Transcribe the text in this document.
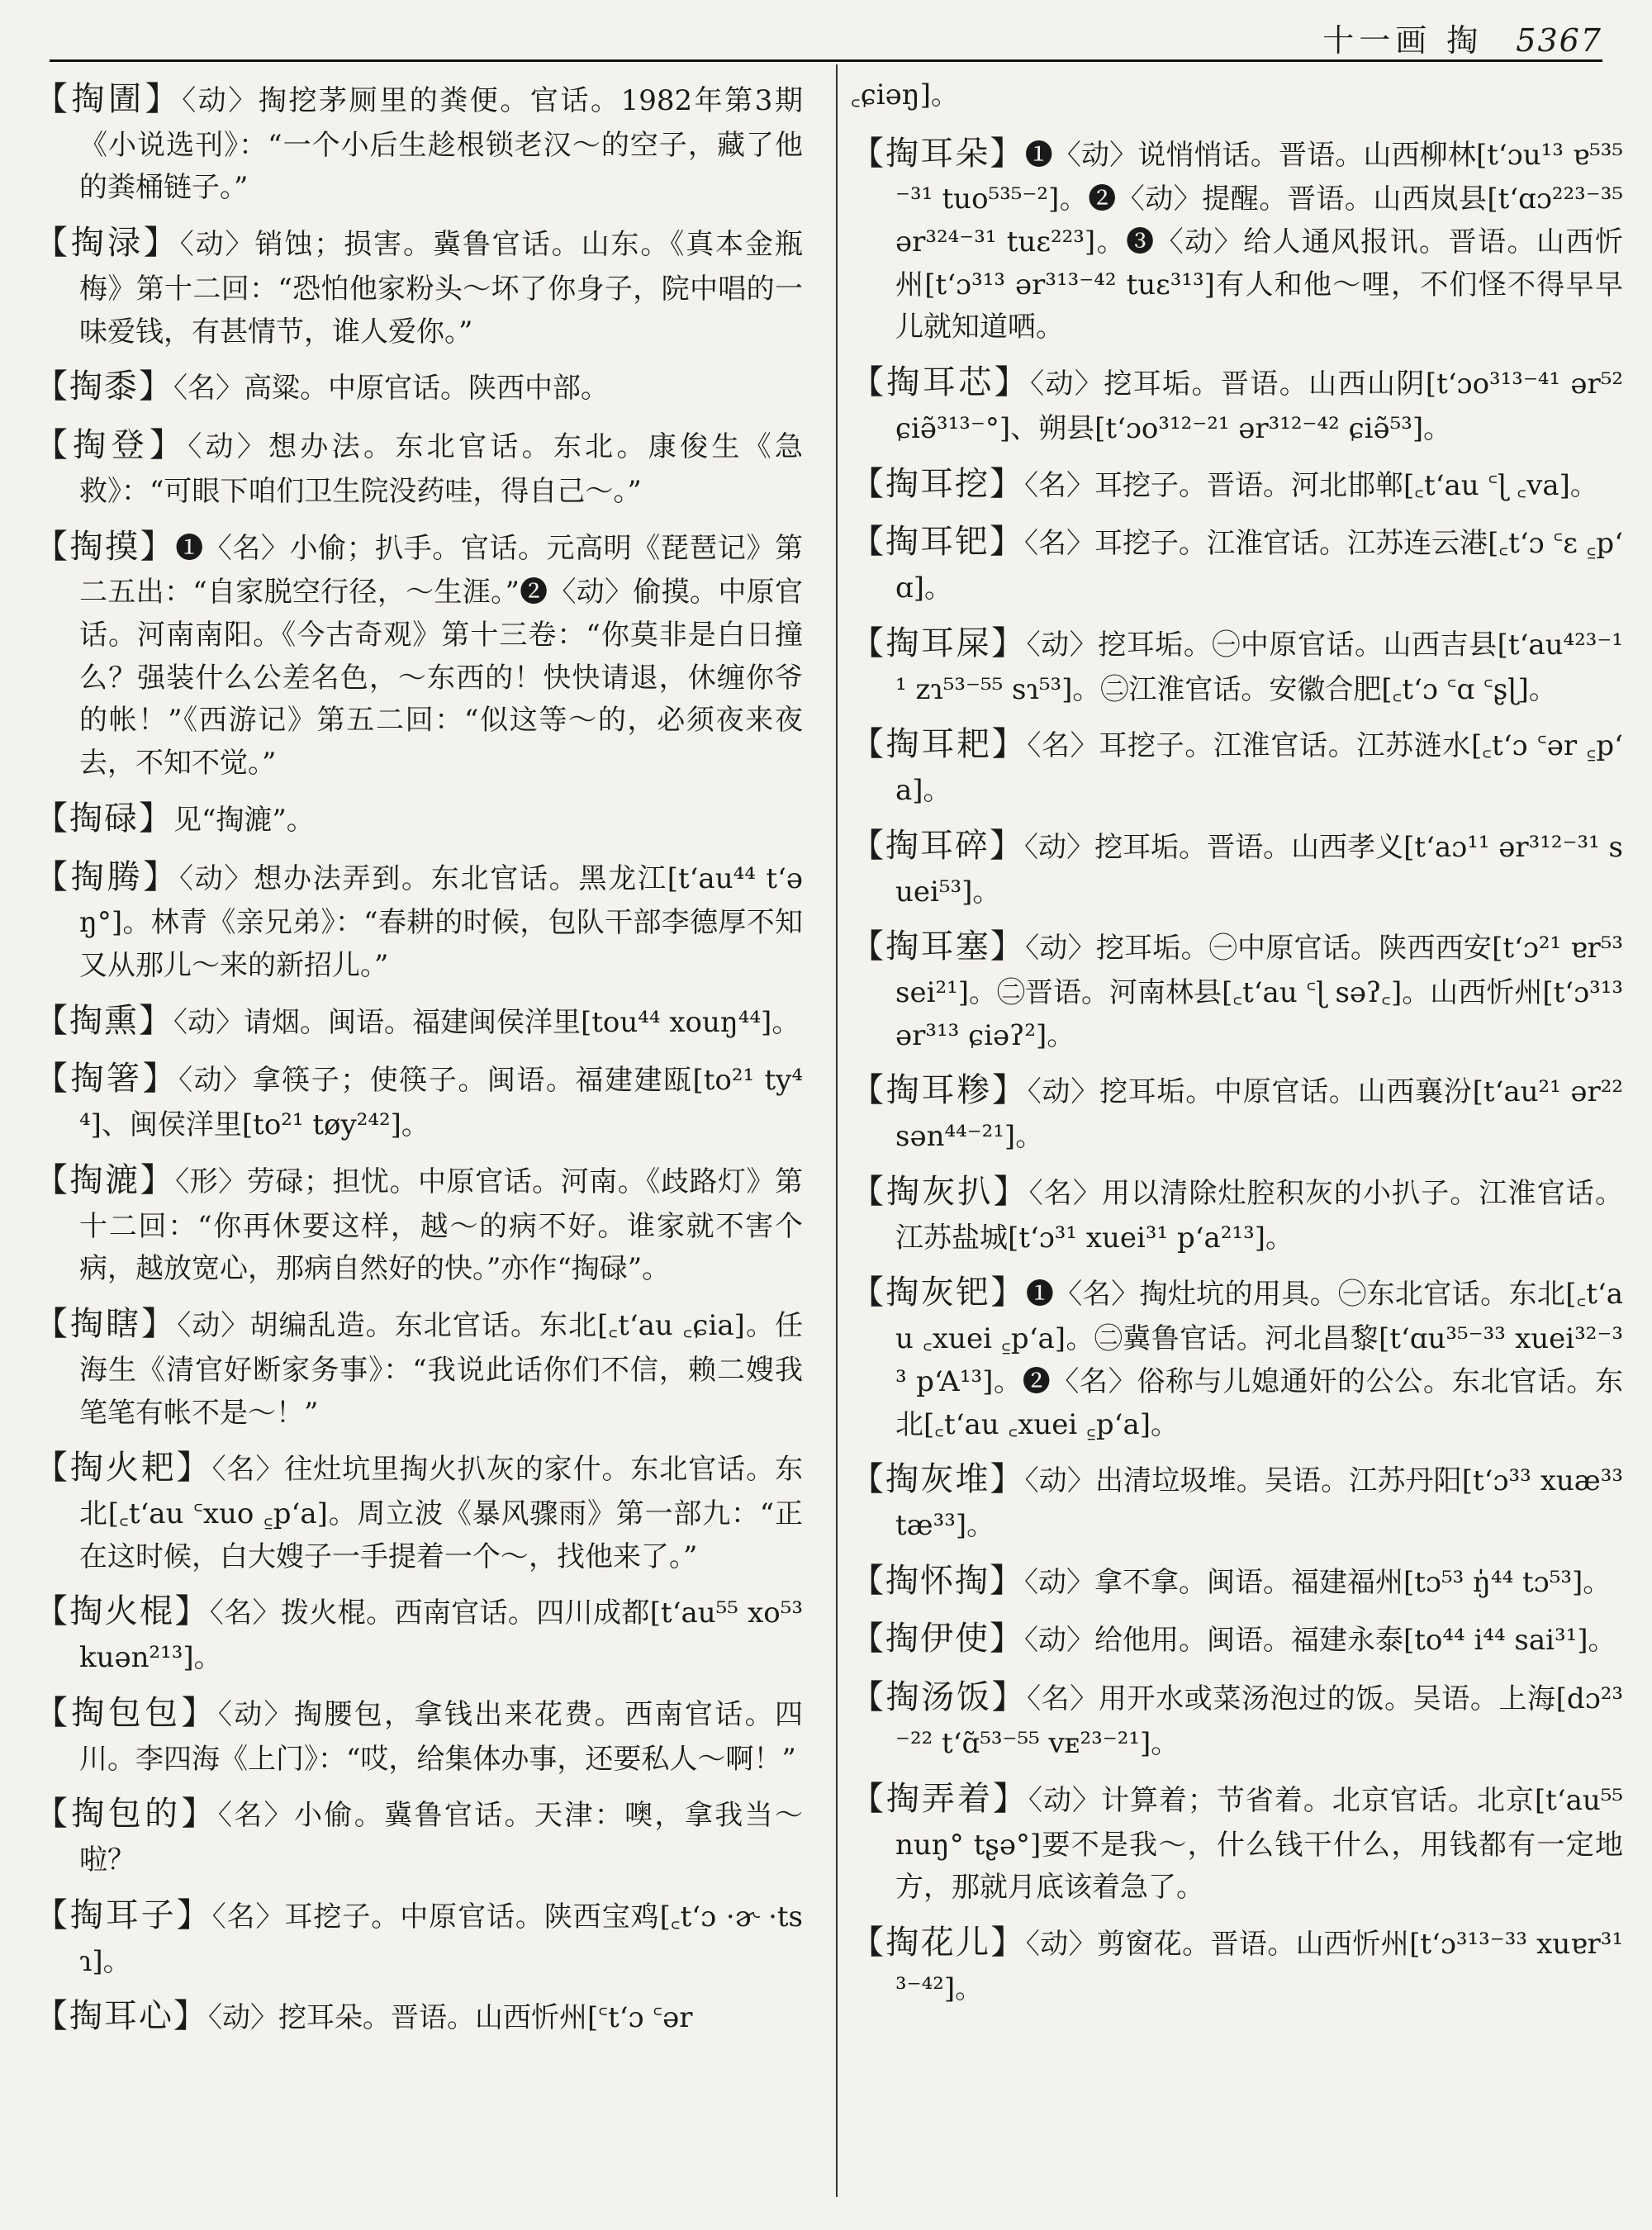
十一画 掏 5367

【掏圊】〈动〉掏挖茅厕里的粪便。官话。1982年第3期《小说选刊》：“一个小后生趁根锁老汉～的空子，藏了他的粪桶链子。”

【掏渌】〈动〉销蚀；损害。冀鲁官话。山东。《真本金瓶梅》第十二回：“恐怕他家粉头～坏了你身子，院中唱的一味爱钱，有甚情节，谁人爱你。”

【掏黍】〈名〉高粱。中原官话。陕西中部。

【掏登】〈动〉想办法。东北官话。东北。康俊生《急救》：“可眼下咱们卫生院没药哇，得自己～。”

【掏摸】❶〈名〉小偷；扒手。官话。元高明《琵琶记》第二五出：“自家脱空行径，～生涯。”❷〈动〉偷摸。中原官话。河南南阳。《今古奇观》第十三卷：“你莫非是白日撞么？强装什么公差名色，～东西的！快快请退，休缠你爷的帐！”《西游记》第五二回：“似这等～的，必须夜来夜去，不知不觉。”

【掏碌】见“掏漉”。

【掏腾】〈动〉想办法弄到。东北官话。黑龙江[tʻau⁴⁴ tʻəŋ°]。林青《亲兄弟》：“春耕的时候，包队干部李德厚不知又从那儿～来的新招儿。”

【掏熏】〈动〉请烟。闽语。福建闽侯洋里[tou⁴⁴ xouŋ⁴⁴]。

【掏箸】〈动〉拿筷子；使筷子。闽语。福建建瓯[to²¹ ty⁴⁴]、闽侯洋里[to²¹ tøy²⁴²]。

【掏漉】〈形〉劳碌；担忧。中原官话。河南。《歧路灯》第十二回：“你再休要这样，越～的病不好。谁家就不害个病，越放宽心，那病自然好的快。”亦作“掏碌”。

【掏瞎】〈动〉胡编乱造。东北官话。东北[꜀tʻau ꜀ɕia]。任海生《清官好断家务事》：“我说此话你们不信，赖二嫂我笔笔有帐不是～！”

【掏火耙】〈名〉往灶坑里掏火扒灰的家什。东北官话。东北[꜀tʻau ꜂xuo ꜁pʻa]。周立波《暴风骤雨》第一部九：“正在这时候，白大嫂子一手提着一个～，找他来了。”

【掏火棍】〈名〉拨火棍。西南官话。四川成都[tʻau⁵⁵ xo⁵³ kuən²¹³]。

【掏包包】〈动〉掏腰包，拿钱出来花费。西南官话。四川。李四海《上门》：“哎，给集体办事，还要私人～啊！”

【掏包的】〈名〉小偷。冀鲁官话。天津：噢，拿我当～啦？

【掏耳子】〈名〉耳挖子。中原官话。陕西宝鸡[꜀tʻɔ ·ɚ ·tsɿ]。

【掏耳心】〈动〉挖耳朵。晋语。山西忻州[꜂tʻɔ ꜂ər

꜀ɕiəŋ]。

【掏耳朵】❶〈动〉说悄悄话。晋语。山西柳林[tʻɔu¹³ ɐ⁵³⁵⁻³¹ tuo⁵³⁵⁻²]。❷〈动〉提醒。晋语。山西岚县[tʻɑɔ²²³⁻³⁵ ər³²⁴⁻³¹ tuɛ²²³]。❸〈动〉给人通风报讯。晋语。山西忻州[tʻɔ³¹³ ər³¹³⁻⁴² tuɛ³¹³]有人和他～哩，不们怪不得早早儿就知道哂。

【掏耳芯】〈动〉挖耳垢。晋语。山西山阴[tʻɔo³¹³⁻⁴¹ ər⁵² ɕiə̃³¹³⁻°]、朔县[tʻɔo³¹²⁻²¹ ər³¹²⁻⁴² ɕiə̃⁵³]。

【掏耳挖】〈名〉耳挖子。晋语。河北邯郸[꜀tʻau ꜂ɭ ꜀va]。

【掏耳钯】〈名〉耳挖子。江淮官话。江苏连云港[꜀tʻɔ ꜂ɛ ꜁pʻɑ]。

【掏耳屎】〈动〉挖耳垢。㊀中原官话。山西吉县[tʻau⁴²³⁻¹¹ zɿ⁵³⁻⁵⁵ sɿ⁵³]。㊁江淮官话。安徽合肥[꜀tʻɔ ꜂ɑ ꜂ʂɭ]。

【掏耳耙】〈名〉耳挖子。江淮官话。江苏涟水[꜀tʻɔ ꜂ər ꜁pʻa]。

【掏耳碎】〈动〉挖耳垢。晋语。山西孝义[tʻaɔ¹¹ ər³¹²⁻³¹ suei⁵³]。

【掏耳塞】〈动〉挖耳垢。㊀中原官话。陕西西安[tʻɔ²¹ ɐr⁵³ sei²¹]。㊁晋语。河南林县[꜀tʻau ꜂ɭ səʔ꜀]。山西忻州[tʻɔ³¹³ ər³¹³ ɕiəʔ²]。

【掏耳糁】〈动〉挖耳垢。中原官话。山西襄汾[tʻau²¹ ər²² sən⁴⁴⁻²¹]。

【掏灰扒】〈名〉用以清除灶腔积灰的小扒子。江淮官话。江苏盐城[tʻɔ³¹ xuei³¹ pʻa²¹³]。

【掏灰钯】❶〈名〉掏灶坑的用具。㊀东北官话。东北[꜀tʻau ꜀xuei ꜁pʻa]。㊁冀鲁官话。河北昌黎[tʻɑu³⁵⁻³³ xuei³²⁻³³ pʻA¹³]。❷〈名〉俗称与儿媳通奸的公公。东北官话。东北[꜀tʻau ꜀xuei ꜁pʻa]。

【掏灰堆】〈动〉出清垃圾堆。吴语。江苏丹阳[tʻɔ³³ xuæ³³ tæ³³]。

【掏怀掏】〈动〉拿不拿。闽语。福建福州[tɔ⁵³ ŋ̍⁴⁴ tɔ⁵³]。

【掏伊使】〈动〉给他用。闽语。福建永泰[to⁴⁴ i⁴⁴ sai³¹]。

【掏汤饭】〈名〉用开水或菜汤泡过的饭。吴语。上海[dɔ²³⁻²² tʻɑ̃⁵³⁻⁵⁵ vᴇ²³⁻²¹]。

【掏弄着】〈动〉计算着；节省着。北京官话。北京[tʻau⁵⁵ nuŋ° tʂə°]要不是我～，什么钱干什么，用钱都有一定地方，那就月底该着急了。

【掏花儿】〈动〉剪窗花。晋语。山西忻州[tʻɔ³¹³⁻³³ xuɐr³¹³⁻⁴²]。
